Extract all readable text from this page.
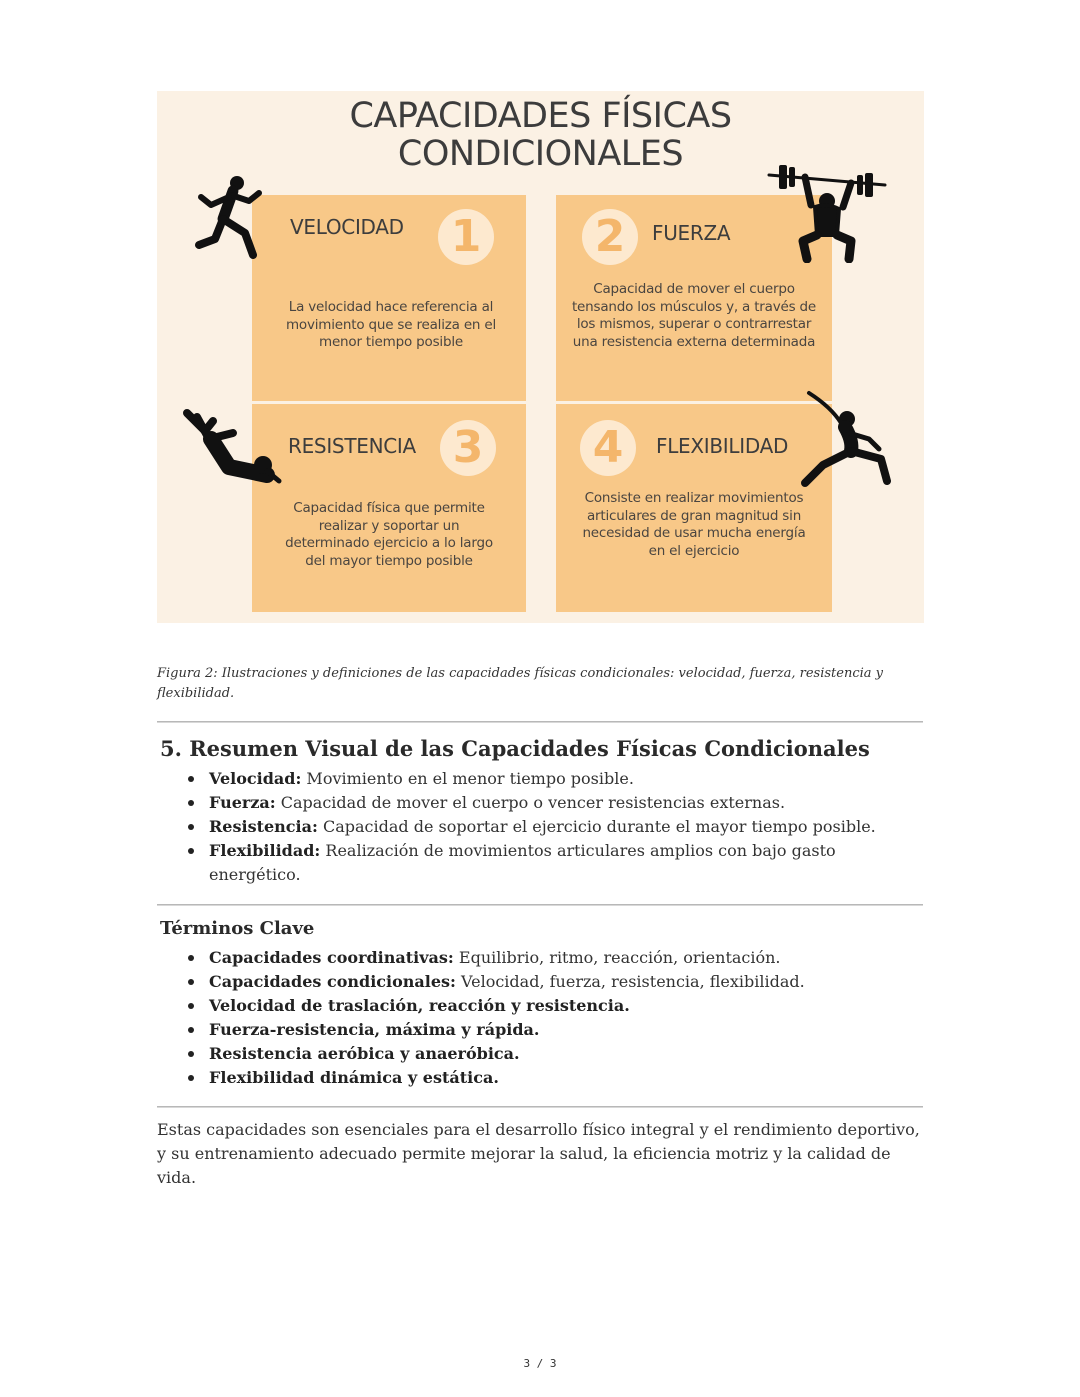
CAPACIDADES FÍSICAS
CONDICIONALES
VELOCIDAD 1
La velocidad hace referencia al movimiento que se realiza en el menor tiempo posible
2	FUERZA
Capacidad de mover el cuerpo tensando los músculos y, a través de los mismos, superar o contrarrestar una resistencia externa determinada
RESISTENCIA 3
Capacidad física que permite realizar y soportar un determinado ejercicio a lo largo del mayor tiempo posible
4	FLEXIBILIDAD
Consiste en realizar movimientos articulares de gran magnitud sin necesidad de usar mucha energía en el ejercicio
Figura 2: Ilustraciones y definiciones de las capacidades físicas condicionales: velocidad, fuerza, resistencia y flexibilidad.
5. Resumen Visual de las Capacidades Físicas Condicionales
Velocidad: Movimiento en el menor tiempo posible.
Fuerza: Capacidad de mover el cuerpo o vencer resistencias externas.
Resistencia: Capacidad de soportar el ejercicio durante el mayor tiempo posible.
Flexibilidad: Realización de movimientos articulares amplios con bajo gasto energético.
Términos Clave
Capacidades coordinativas: Equilibrio, ritmo, reacción, orientación.
Capacidades condicionales: Velocidad, fuerza, resistencia, flexibilidad.
Velocidad de traslación, reacción y resistencia.
Fuerza-resistencia, máxima y rápida.
Resistencia aeróbica y anaeróbica.
Flexibilidad dinámica y estática.

Estas capacidades son esenciales para el desarrollo físico integral y el rendimiento deportivo, y su entrenamiento adecuado permite mejorar la salud, la eficiencia motriz y la calidad de vida.

3 / 3
